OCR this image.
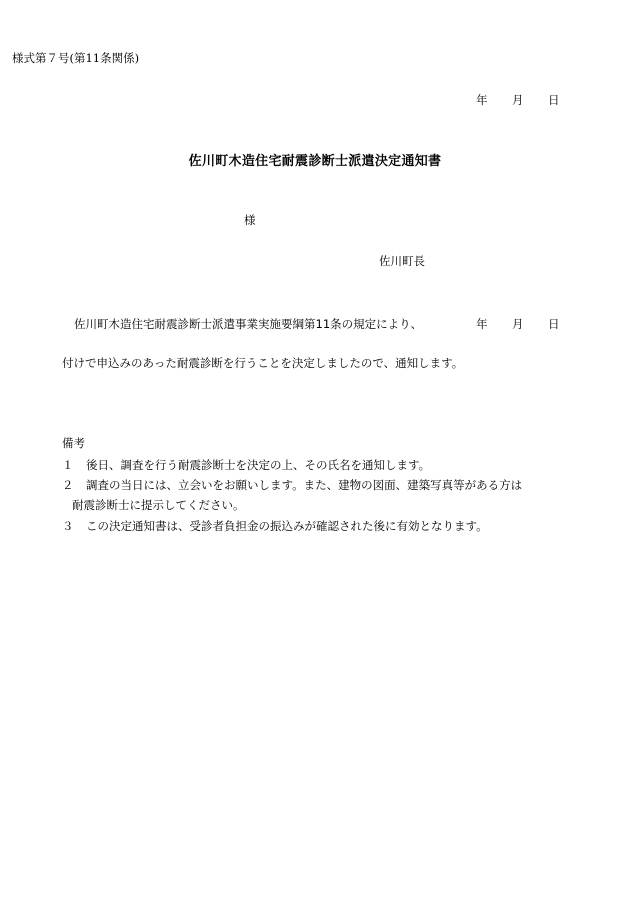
様式第７号(第11条関係)
年 月 日
佐川町木造住宅耐震診断士派遣決定通知書
様
佐川町長
佐川町木造住宅耐震診断士派遣事業実施要綱第11条の規定により、	年 月 日
付けで申込みのあった耐震診断を行うことを決定しましたので、通知します。
備考
１	後日、調査を行う耐震診断士を決定の上、その氏名を通知します。
２	調査の当日には、立会いをお願いします。また、建物の図面、建築写真等がある方は
耐震診断士に提示してください。
３	この決定通知書は、受診者負担金の振込みが確認された後に有効となります。
